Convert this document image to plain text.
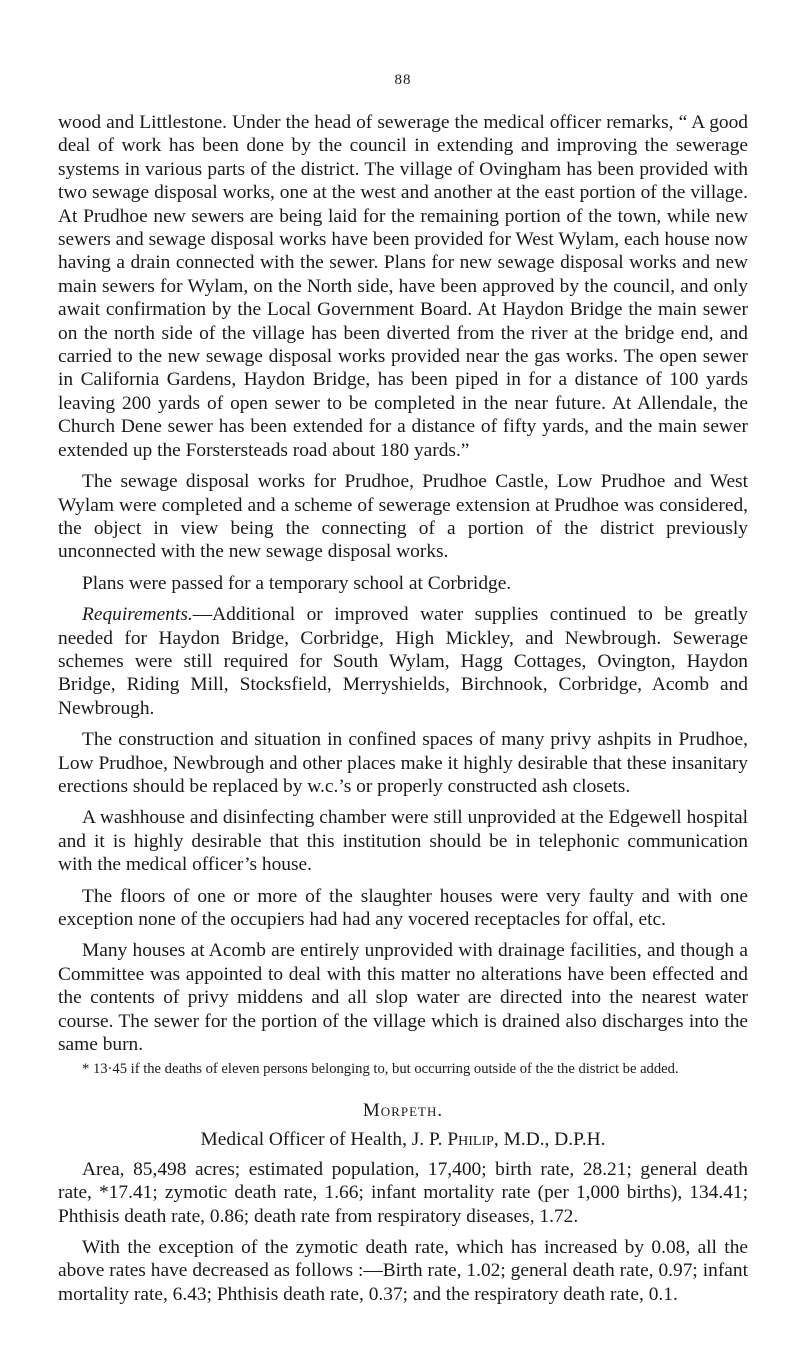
88

wood and Littlestone. Under the head of sewerage the medical officer remarks, “ A good deal of work has been done by the council in extending and improving the sewerage systems in various parts of the district. The village of Ovingham has been provided with two sewage disposal works, one at the west and another at the east portion of the village. At Prudhoe new sewers are being laid for the remaining portion of the town, while new sewers and sewage disposal works have been provided for West Wylam, each house now having a drain connected with the sewer. Plans for new sewage disposal works and new main sewers for Wylam, on the North side, have been approved by the council, and only await confirmation by the Local Government Board. At Haydon Bridge the main sewer on the north side of the village has been diverted from the river at the bridge end, and carried to the new sewage disposal works provided near the gas works. The open sewer in California Gardens, Haydon Bridge, has been piped in for a distance of 100 yards leaving 200 yards of open sewer to be completed in the near future. At Allendale, the Church Dene sewer has been extended for a distance of fifty yards, and the main sewer extended up the Forstersteads road about 180 yards.”

The sewage disposal works for Prudhoe, Prudhoe Castle, Low Prudhoe and West Wylam were completed and a scheme of sewerage extension at Prudhoe was considered, the object in view being the connecting of a portion of the district previously unconnected with the new sewage disposal works.

Plans were passed for a temporary school at Corbridge.

Requirements.—Additional or improved water supplies continued to be greatly needed for Haydon Bridge, Corbridge, High Mickley, and Newbrough. Sewerage schemes were still required for South Wylam, Hagg Cottages, Ovington, Haydon Bridge, Riding Mill, Stocksfield, Merryshields, Birchnook, Corbridge, Acomb and Newbrough.

The construction and situation in confined spaces of many privy ashpits in Prudhoe, Low Prudhoe, Newbrough and other places make it highly desirable that these insanitary erections should be replaced by w.c.’s or properly constructed ash closets.

A washhouse and disinfecting chamber were still unprovided at the Edgewell hospital and it is highly desirable that this institution should be in telephonic communication with the medical officer’s house.

The floors of one or more of the slaughter houses were very faulty and with one exception none of the occupiers had had any vocered receptacles for offal, etc.

Many houses at Acomb are entirely unprovided with drainage facilities, and though a Committee was appointed to deal with this matter no alterations have been effected and the contents of privy middens and all slop water are directed into the nearest water course. The sewer for the portion of the village which is drained also discharges into the same burn.

* 13·45 if the deaths of eleven persons belonging to, but occurring outside of the the district be added.
Morpeth.
Medical Officer of Health, J. P. Philip, M.D., D.P.H.

Area, 85,498 acres; estimated population, 17,400; birth rate, 28.21; general death rate, *17.41; zymotic death rate, 1.66; infant mortality rate (per 1,000 births), 134.41; Phthisis death rate, 0.86; death rate from respiratory diseases, 1.72.

With the exception of the zymotic death rate, which has increased by 0.08, all the above rates have decreased as follows :—Birth rate, 1.02; general death rate, 0.97; infant mortality rate, 6.43; Phthisis death rate, 0.37; and the respiratory death rate, 0.1.
